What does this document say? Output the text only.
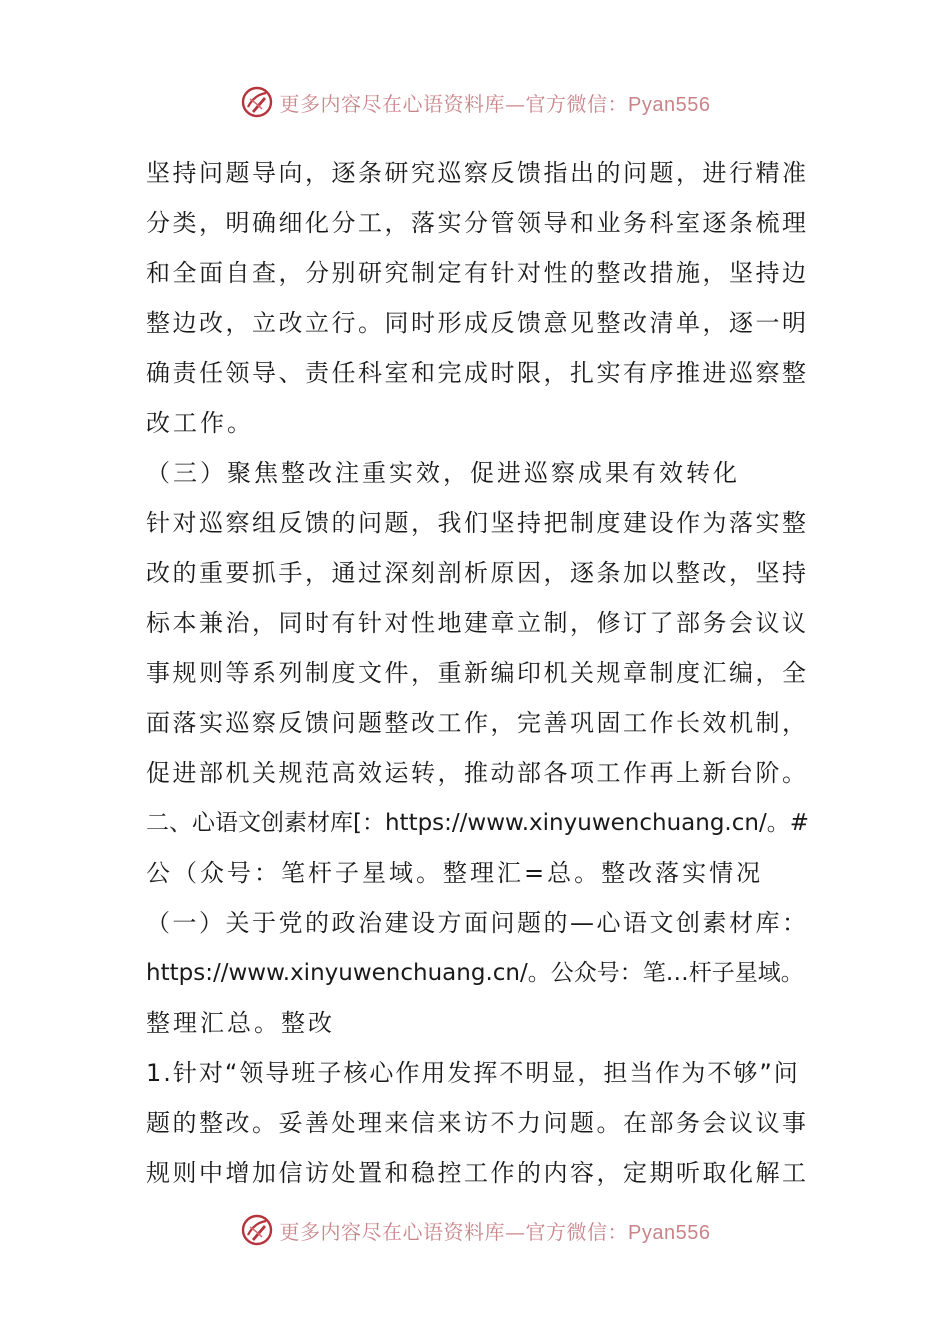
更多内容尽在心语资料库—官方微信：Pyan556
坚持问题导向，逐条研究巡察反馈指出的问题，进行精准
分类，明确细化分工，落实分管领导和业务科室逐条梳理
和全面自查，分别研究制定有针对性的整改措施，坚持边
整边改，立改立行。同时形成反馈意见整改清单，逐一明
确责任领导、责任科室和完成时限，扎实有序推进巡察整
改工作。
（三）聚焦整改注重实效，促进巡察成果有效转化
针对巡察组反馈的问题，我们坚持把制度建设作为落实整
改的重要抓手，通过深刻剖析原因，逐条加以整改，坚持
标本兼治，同时有针对性地建章立制，修订了部务会议议
事规则等系列制度文件，重新编印机关规章制度汇编，全
面落实巡察反馈问题整改工作，完善巩固工作长效机制，
促进部机关规范高效运转，推动部各项工作再上新台阶。
二、心语文创素材库[：https://www.xinyuwenchuang.cn/。#
公（众号：笔杆子星域。整理汇=总。整改落实情况
（一）关于党的政治建设方面问题的—心语文创素材库：
https://www.xinyuwenchuang.cn/。公众号：笔…杆子星域。
整理汇总。整改
1.针对“领导班子核心作用发挥不明显，担当作为不够”问
题的整改。妥善处理来信来访不力问题。在部务会议议事
规则中增加信访处置和稳控工作的内容，定期听取化解工
更多内容尽在心语资料库—官方微信：Pyan556
